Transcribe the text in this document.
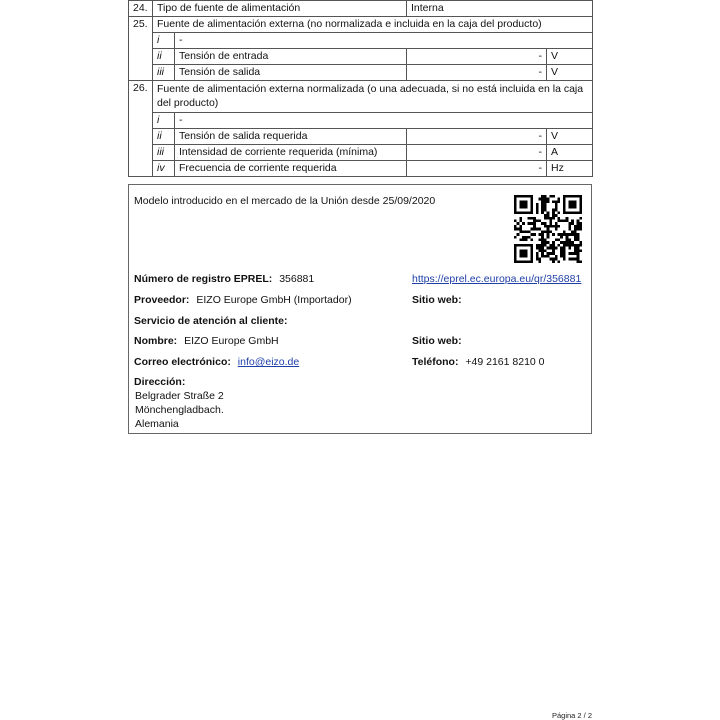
24.	Tipo de fuente de alimentación		Interna	
25.	Fuente de alimentación externa (no normalizada e incluida en la caja del producto)			
	i	-		
	ii	Tensión de entrada	-	V
	iii	Tensión de salida	-	V
26.	Fuente de alimentación externa normalizada (o una adecuada, si no está incluida en la caja del producto)			
	i	-		
	ii	Tensión de salida requerida	-	V
	iii	Intensidad de corriente requerida (mínima)	-	A
	iv	Frecuencia de corriente requerida	-	Hz
Modelo introducido en el mercado de la Unión desde 25/09/2020
Número de registro EPREL: 356881	https://eprel.ec.europa.eu/qr/356881
Proveedor: EIZO Europe GmbH (Importador)	Sitio web:
Servicio de atención al cliente:
Nombre: EIZO Europe GmbH	Sitio web:
Correo electrónico: info@eizo.de	Teléfono: +49 2161 8210 0
Dirección:
Belgrader Straße 2
Mönchengladbach.
Alemania
Página 2 / 2
